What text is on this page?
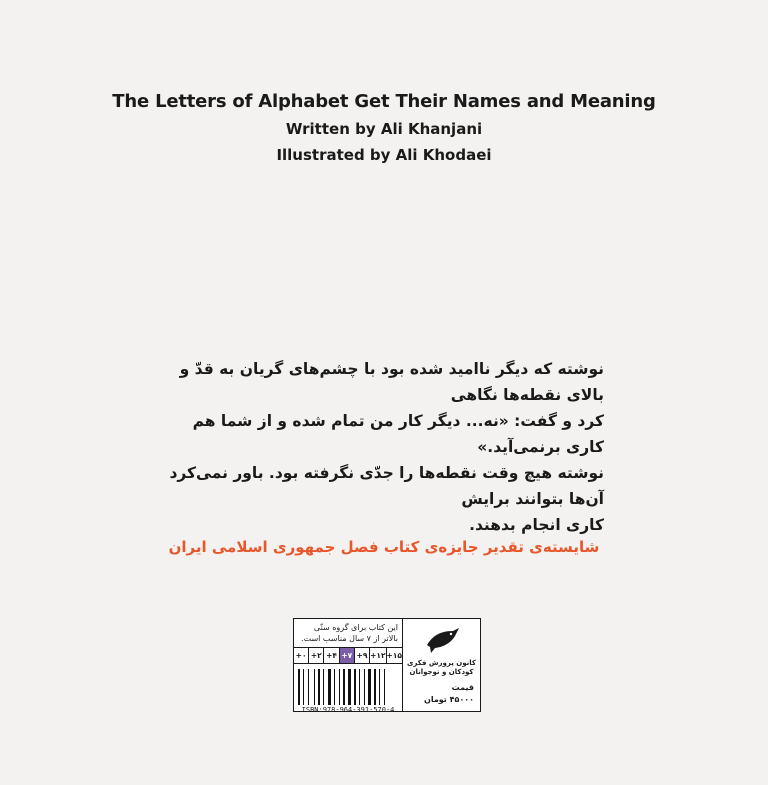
The Letters of Alphabet Get Their Names and Meaning

Written by Ali Khanjani

Illustrated by Ali Khodaei

نوشته که دیگر ناامید شده بود با چشم‌های گریان به قدّ و بالای نقطه‌ها نگاهی

کرد و گفت: «نه... دیگر کار من تمام شده و از شما هم کاری برنمی‌آید.»

نوشته هیچ وقت نقطه‌ها را جدّی نگرفته بود. باور نمی‌کرد آن‌ها بتوانند برایش

کاری انجام بدهند.

شایسته‌ی تقدیر جایزه‌ی کتاب فصل جمهوری اسلامی ایران
این کتاب برای گروه سنّی بالاتر از ۷ سال مناسب است.
+۱۵
+۱۲
+۹
+۷
+۴
+۲
+۰
ISBN:978-964-391-570-4
کانون پرورش فکری کودکان و نوجوانان
قیمت
۴۵۰۰۰ تومان
